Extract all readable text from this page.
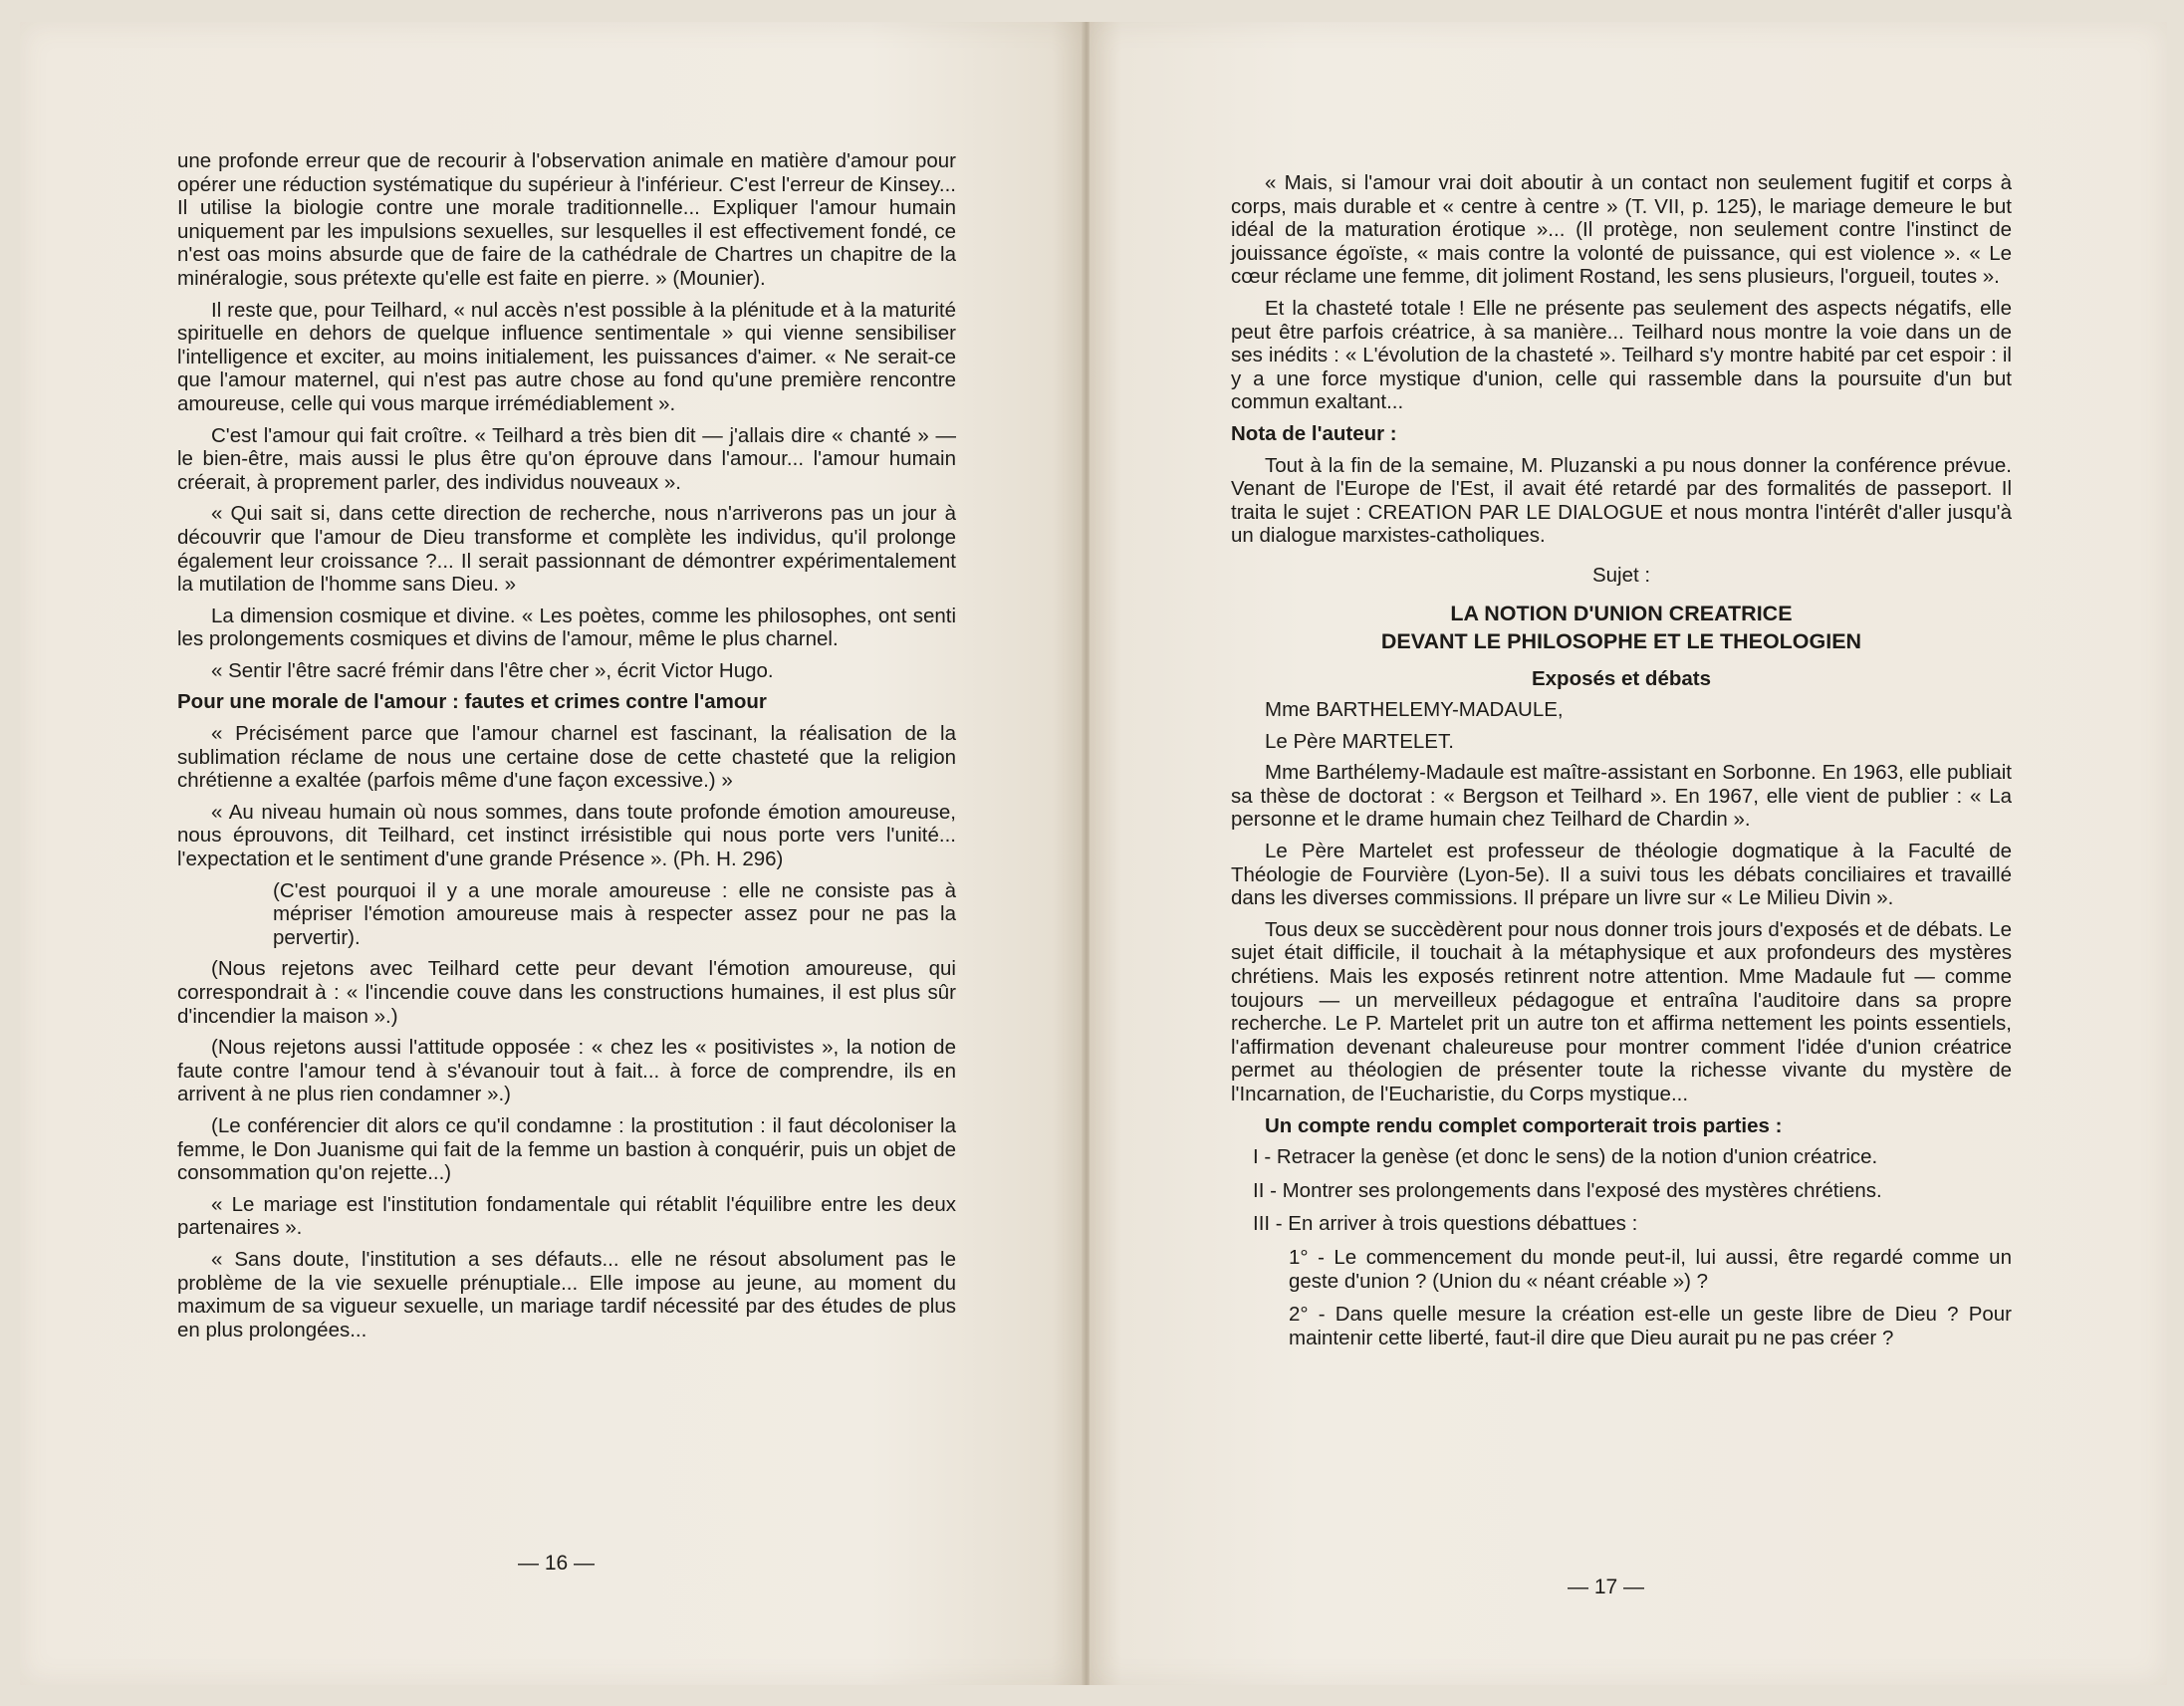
une profonde erreur que de recourir à l'observation animale en matière d'amour pour opérer une réduction systématique du supérieur à l'inférieur. C'est l'erreur de Kinsey... Il utilise la biologie contre une morale traditionnelle... Expliquer l'amour humain uniquement par les impulsions sexuelles, sur lesquelles il est effectivement fondé, ce n'est oas moins absurde que de faire de la cathédrale de Chartres un chapitre de la minéralogie, sous prétexte qu'elle est faite en pierre. » (Mounier).

Il reste que, pour Teilhard, « nul accès n'est possible à la plénitude et à la maturité spirituelle en dehors de quelque influence sentimentale » qui vienne sensibiliser l'intelligence et exciter, au moins initialement, les puissances d'aimer. « Ne serait-ce que l'amour maternel, qui n'est pas autre chose au fond qu'une première rencontre amoureuse, celle qui vous marque irrémédiablement ».

C'est l'amour qui fait croître. « Teilhard a très bien dit — j'allais dire « chanté » — le bien-être, mais aussi le plus être qu'on éprouve dans l'amour... l'amour humain créerait, à proprement parler, des individus nouveaux ».

« Qui sait si, dans cette direction de recherche, nous n'arriverons pas un jour à découvrir que l'amour de Dieu transforme et complète les individus, qu'il prolonge également leur croissance ?... Il serait passionnant de démontrer expérimentalement la mutilation de l'homme sans Dieu. »

La dimension cosmique et divine. « Les poètes, comme les philosophes, ont senti les prolongements cosmiques et divins de l'amour, même le plus charnel.

« Sentir l'être sacré frémir dans l'être cher », écrit Victor Hugo.

Pour une morale de l'amour : fautes et crimes contre l'amour

« Précisément parce que l'amour charnel est fascinant, la réalisation de la sublimation réclame de nous une certaine dose de cette chasteté que la religion chrétienne a exaltée (parfois même d'une façon excessive.) »

« Au niveau humain où nous sommes, dans toute profonde émotion amoureuse, nous éprouvons, dit Teilhard, cet instinct irrésistible qui nous porte vers l'unité... l'expectation et le sentiment d'une grande Présence ». (Ph. H. 296)

(C'est pourquoi il y a une morale amoureuse : elle ne consiste pas à mépriser l'émotion amoureuse mais à respecter assez pour ne pas la pervertir).

(Nous rejetons avec Teilhard cette peur devant l'émotion amoureuse, qui correspondrait à : « l'incendie couve dans les constructions humaines, il est plus sûr d'incendier la maison ».)

(Nous rejetons aussi l'attitude opposée : « chez les « positivistes », la notion de faute contre l'amour tend à s'évanouir tout à fait... à force de comprendre, ils en arrivent à ne plus rien condamner ».)

(Le conférencier dit alors ce qu'il condamne : la prostitution : il faut décoloniser la femme, le Don Juanisme qui fait de la femme un bastion à conquérir, puis un objet de consommation qu'on rejette...)

« Le mariage est l'institution fondamentale qui rétablit l'équilibre entre les deux partenaires ».

« Sans doute, l'institution a ses défauts... elle ne résout absolument pas le problème de la vie sexuelle prénuptiale... Elle impose au jeune, au moment du maximum de sa vigueur sexuelle, un mariage tardif nécessité par des études de plus en plus prolongées...

— 16 —

« Mais, si l'amour vrai doit aboutir à un contact non seulement fugitif et corps à corps, mais durable et « centre à centre » (T. VII, p. 125), le mariage demeure le but idéal de la maturation érotique »... (Il protège, non seulement contre l'instinct de jouissance égoïste, « mais contre la volonté de puissance, qui est violence ». « Le cœur réclame une femme, dit joliment Rostand, les sens plusieurs, l'orgueil, toutes ».

Et la chasteté totale ! Elle ne présente pas seulement des aspects négatifs, elle peut être parfois créatrice, à sa manière... Teilhard nous montre la voie dans un de ses inédits : « L'évolution de la chasteté ». Teilhard s'y montre habité par cet espoir : il y a une force mystique d'union, celle qui rassemble dans la poursuite d'un but commun exaltant...

Nota de l'auteur :

Tout à la fin de la semaine, M. Pluzanski a pu nous donner la conférence prévue. Venant de l'Europe de l'Est, il avait été retardé par des formalités de passeport. Il traita le sujet : CREATION PAR LE DIALOGUE et nous montra l'intérêt d'aller jusqu'à un dialogue marxistes-catholiques.

Sujet :

LA NOTION D'UNION CREATRICE
DEVANT LE PHILOSOPHE ET LE THEOLOGIEN

Exposés et débats

Mme BARTHELEMY-MADAULE,

Le Père MARTELET.

Mme Barthélemy-Madaule est maître-assistant en Sorbonne. En 1963, elle publiait sa thèse de doctorat : « Bergson et Teilhard ». En 1967, elle vient de publier : « La personne et le drame humain chez Teilhard de Chardin ».

Le Père Martelet est professeur de théologie dogmatique à la Faculté de Théologie de Fourvière (Lyon-5e). Il a suivi tous les débats conciliaires et travaillé dans les diverses commissions. Il prépare un livre sur « Le Milieu Divin ».

Tous deux se succèdèrent pour nous donner trois jours d'exposés et de débats. Le sujet était difficile, il touchait à la métaphysique et aux profondeurs des mystères chrétiens. Mais les exposés retinrent notre attention. Mme Madaule fut — comme toujours — un merveilleux pédagogue et entraîna l'auditoire dans sa propre recherche. Le P. Martelet prit un autre ton et affirma nettement les points essentiels, l'affirmation devenant chaleureuse pour montrer comment l'idée d'union créatrice permet au théologien de présenter toute la richesse vivante du mystère de l'Incarnation, de l'Eucharistie, du Corps mystique...

Un compte rendu complet comporterait trois parties :

I - Retracer la genèse (et donc le sens) de la notion d'union créatrice.
II - Montrer ses prolongements dans l'exposé des mystères chrétiens.
III - En arriver à trois questions débattues :
1° - Le commencement du monde peut-il, lui aussi, être regardé comme un geste d'union ? (Union du « néant créable ») ?
2° - Dans quelle mesure la création est-elle un geste libre de Dieu ? Pour maintenir cette liberté, faut-il dire que Dieu aurait pu ne pas créer ?
— 17 —
